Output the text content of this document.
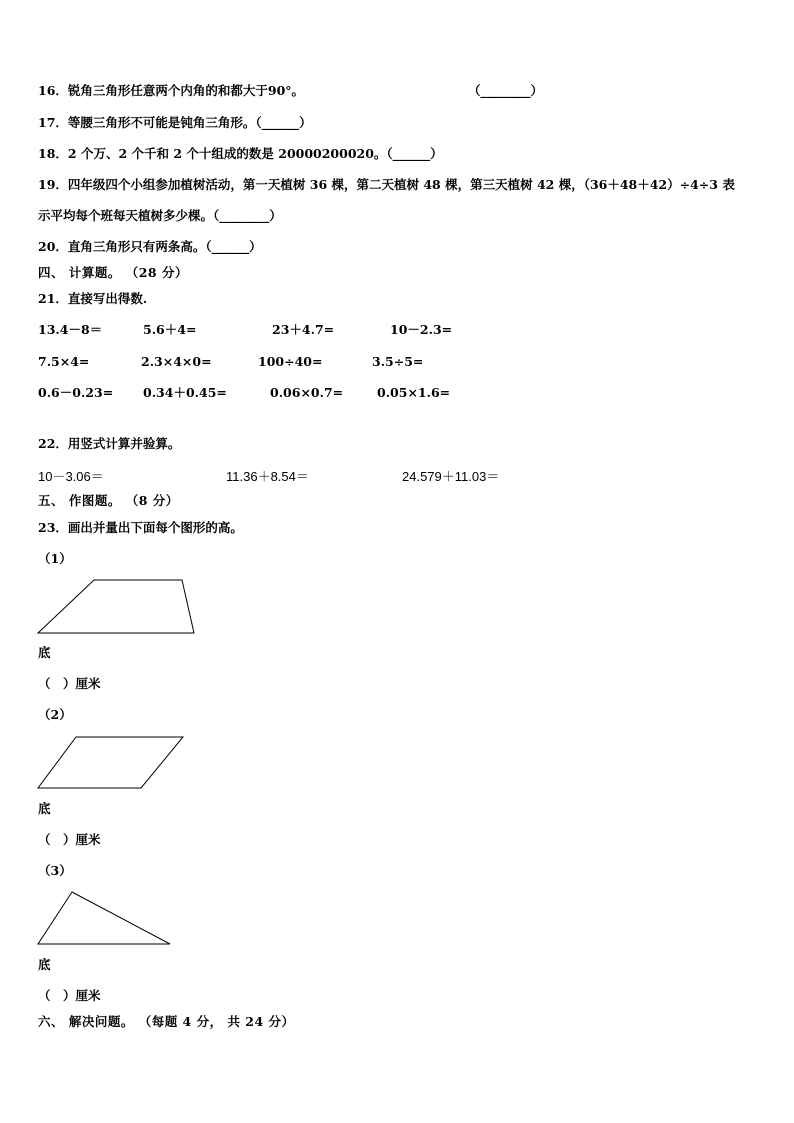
16．锐角三角形任意两个内角的和都大于90°。	（________）
17．等腰三角形不可能是钝角三角形。（______）
18．2 个万、2 个千和 2 个十组成的数是 20000200020。（______）
19．四年级四个小组参加植树活动，第一天植树 36 棵，第二天植树 48 棵，第三天植树 42 棵，（36＋48＋42）÷4÷3 表
示平均每个班每天植树多少棵。（________）
20．直角三角形只有两条高。（______）
四、 计算题。 （28 分）
21．直接写出得数.
13.4－8＝	5.6＋4=	23＋4.7=	10－2.3=
7.5×4=	2.3×4×0=	100÷40=	3.5÷5=
0.6－0.23= 0.34＋0.45=	0.06×0.7=	0.05×1.6=
22．用竖式计算并验算。
10－3.06＝	11.36＋8.54＝	24.579＋11.03＝
五、 作图题。 （8 分）
23．画出并量出下面每个图形的高。
（1）
底
（　）厘米
（2）
底
（　）厘米
（3）
底
（　）厘米
六、 解决问题。 （每题 4 分， 共 24 分）
